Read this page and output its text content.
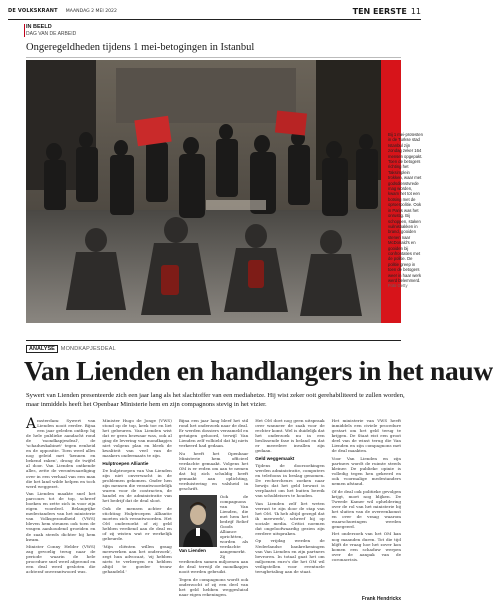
DE VOLKSKRANT MAANDAG 2 MEI 2022	TEN EERSTE 11
IN BEELD
DAG VAN DE ARBEID
Ongeregeldheden tijdens 1 mei-betogingen in Istanbul
Bij 1 mei-protesten in de Turkse stad Istanbul zijn zondag zeker 164 mensen opgepakt. Toen de betogers richting het Taksimplein trokken, waar met godsdienstvrede mag worden, kwam het tot een botsing met de oproerpolitie. Ook in Parijs was het onrustig. Bij schoppen, staken vuilnisbakken in brand, gooiden stenen naar McDonald's en gooiden bij confrontaties met de politie. De politie greep in toen de betogers weer in haar werk werd belemmerd. Foto Getty
ANALYSE	MONDKAPJESDEAL
Van Lienden en handlangers in het nauw

Sywert van Lienden presenteerde zich een jaar lang als het slachtoffer van een mediahetze. Hij wist zeker ooit gerehabiliteerd te zullen worden, maar inmiddels heeft het Openbaar Ministerie hem en zijn compagnons stevig in het vizier.

Amsterdam: Sywert van Lienden nooit eerder. Bijna een jaar geleden ontliep hij de hele publieke aandacht rond de 'mondkapjesdeal', de 'schaduwkabinet' tegen eenheid en de oppositie. Toen werd alles nog geleid met 'kennen en bekend raken', drong de twijfel al door. Van Lienden ontkende alles, zette de verontwaardiging over in een verhaal van een man die het land wilde helpen en toch werd weggezet.

Van Lienden maakte snel het parcours tot de top, schreef boeken en zette zich in voor zijn eigen voordeel. Belangrijke medestanders van het ministerie van Volksgezondheid (VWS) bleven hem steunen ook toen de vragen aanhoudend groeiden en de zaak steeds dichter bij hem kwam.

Minister Conny Helder (VWS) zag gevoelig terug naar de periode waarin de hele procedure snel werd afgerond en een deal werd gesloten die achteraf onverantwoord was.

Minister Hugo de Jonge (VWS) stond op de top, keek toe en liet het gebeuren. Van Lienden wist dat er geen bezwaar was, ook al ging de levering van mondkapjes niet volgens plan en bleek de kwaliteit van veel van de maskers ondermaats te zijn.

Hulptroepen Alliantie

De hulptroepen van Van Lienden zijn niet onverwacht in de problemen gekomen. Onder hen zijn mensen die verantwoordelijk waren voor de contracten, de handel en de administratie van het bedrijf dat de deal sloot.

Ook de mensen achter de stichting Hulptroepen Alliantie moeten zich verantwoorden. Het OM onderzoekt of zij geld hebben verdiend aan de deal en of zij wisten wat er werkelijk gebeurde.

'Mijn cliënten willen graag meewerken aan het onderzoek', zegt hun advocaat, 'zij hebben niets te verbergen en hebben altijd te goeder trouw gehandeld.'

Bijna een jaar lang bleef het stil rond het onderzoek naar de deal. Er werden dossiers verzameld en getuigen gehoord, terwijl Van Lienden zelf volhield dat hij niets verkeerd had gedaan.

Nu heeft het Openbaar Ministerie hem officieel verdachte gemaakt. Volgens het OM is er reden om aan te nemen dat hij zich schuldig heeft gemaakt aan oplichting, verduistering en valsheid in geschrift.

Van Lienden

Ook de compagnons van Van Lienden, die met hem het bedrijf Relief Goods Alliance oprichtten, worden als verdachte aangemerkt. Zij verdienden samen miljoenen aan de deal terwijl de mondkapjes nooit werden gebruikt.

Tegen de compagnons wordt ook onderzocht of zij een deel van het geld hebben weggesluisd naar eigen rekeningen.

Het OM doet nog geen uitspraak over wanneer de zaak voor de rechter komt. Wel is duidelijk dat het onderzoek nu in een beslissende fase is beland en dat er meerdere invallen zijn gedaan.

Geld weggemaakt

Tijdens de doorzoekingen werden administratie, computers en telefoons in beslag genomen. De rechercheurs zoeken naar bewijs dat het geld bewust is verplaatst om het buiten bereik van schuldeisers te houden.

Van Lienden zelf liet weten verrast te zijn door de stap van het OM. 'Ik heb altijd gezegd dat ik meewerk', schreef hij op sociale media. Critici noemen dat ongeloofwaardig gezien zijn eerdere uitspraken.

Op vrijdag werden de Nederlandse bankrekeningen van Van Lienden en zijn partners bevroren. In totaal gaat het om miljoenen euro's die het OM wil veiligstellen voor eventuele terugbetaling aan de staat.

Het ministerie van VWS heeft inmiddels een civiele procedure gestart om het geld terug te krijgen. De Staat eist een groot deel van de winst terug die Van Lienden en zijn compagnons met de deal maakten.

Voor Van Lienden en zijn partners wordt de ruimte steeds kleiner. De publieke opinie is volledig tegen hen gekeerd en ook voormalige medestanders nemen afstand.

Of de deal ook politieke gevolgen krijgt, moet nog blijken. De Tweede Kamer wil opheldering over de rol van het ministerie bij het sluiten van de overeenkomst en over de vraag waarom waarschuwingen werden genegeerd.

Het onderzoek van het OM kan nog maanden duren. Tot die tijd blijft de vraag hoe het zover kon komen een schaduw werpen over de aanpak van de coronacrisis.

Frank Hendrickx
